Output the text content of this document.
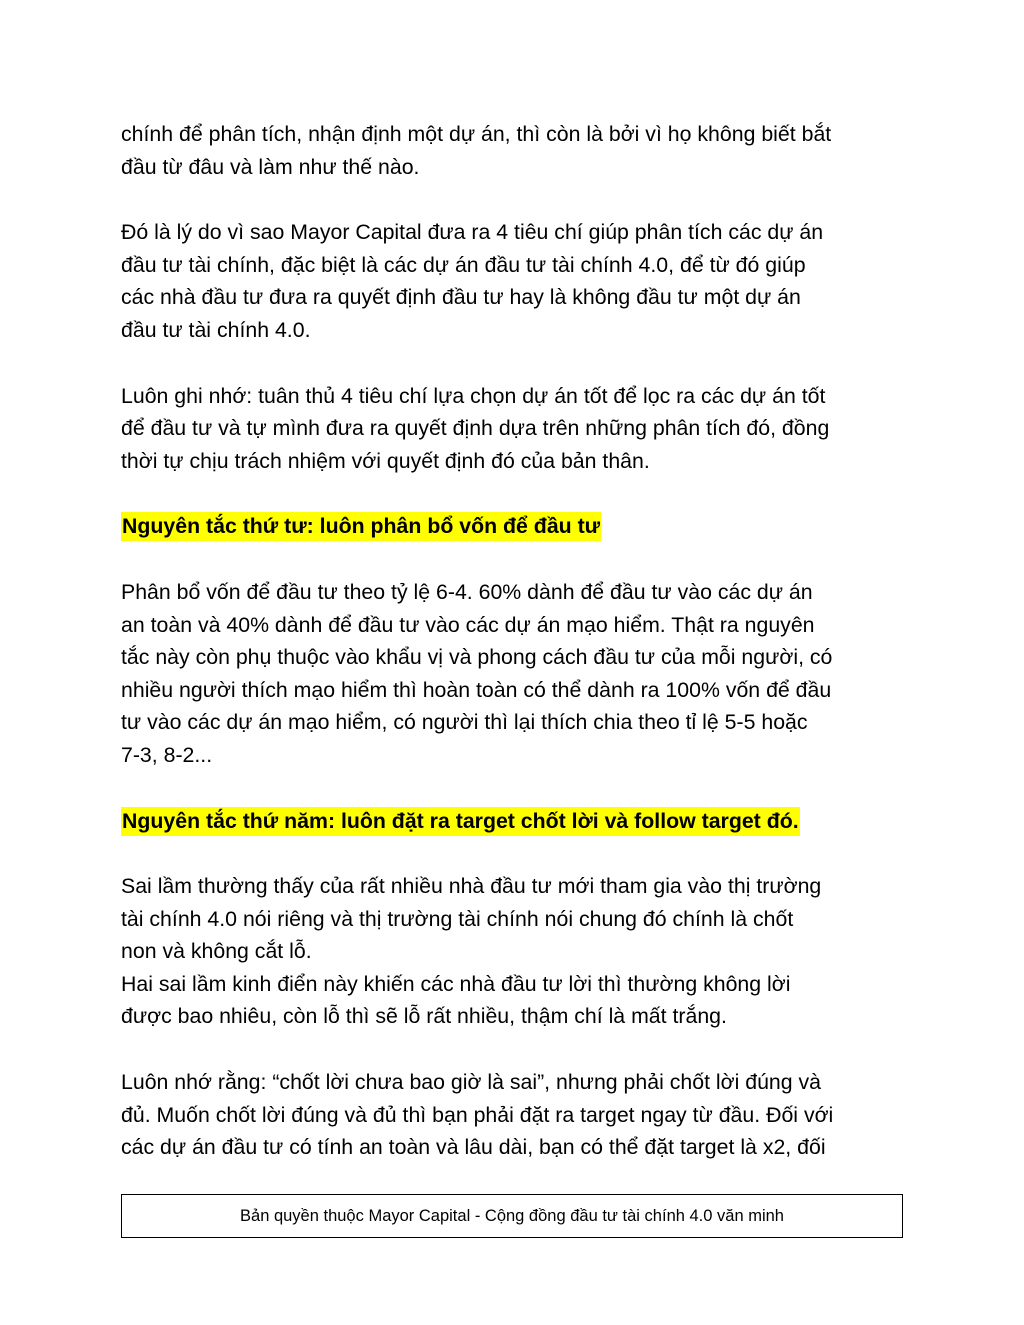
chính để phân tích, nhận định một dự án, thì còn là bởi vì họ không biết bắt
đầu từ đâu và làm như thế nào.

Đó là lý do vì sao Mayor Capital đưa ra 4 tiêu chí giúp phân tích các dự án
đầu tư tài chính, đặc biệt là các dự án đầu tư tài chính 4.0, để từ đó giúp
các nhà đầu tư đưa ra quyết định đầu tư hay là không đầu tư một dự án
đầu tư tài chính 4.0.

Luôn ghi nhớ: tuân thủ 4 tiêu chí lựa chọn dự án tốt để lọc ra các dự án tốt
để đầu tư và tự mình đưa ra quyết định dựa trên những phân tích đó, đồng
thời tự chịu trách nhiệm với quyết định đó của bản thân.

Nguyên tắc thứ tư: luôn phân bổ vốn để đầu tư

Phân bổ vốn để đầu tư theo tỷ lệ 6-4. 60% dành để đầu tư vào các dự án
an toàn và 40% dành để đầu tư vào các dự án mạo hiểm. Thật ra nguyên
tắc này còn phụ thuộc vào khẩu vị và phong cách đầu tư của mỗi người, có
nhiều người thích mạo hiểm thì hoàn toàn có thể dành ra 100% vốn để đầu
tư vào các dự án mạo hiểm, có người thì lại thích chia theo tỉ lệ 5-5 hoặc
7-3, 8-2...

Nguyên tắc thứ năm: luôn đặt ra target chốt lời và follow target đó.

Sai lầm thường thấy của rất nhiều nhà đầu tư mới tham gia vào thị trường
tài chính 4.0 nói riêng và thị trường tài chính nói chung đó chính là chốt
non và không cắt lỗ.
Hai sai lầm kinh điển này khiến các nhà đầu tư lời thì thường không lời
được bao nhiêu, còn lỗ thì sẽ lỗ rất nhiều, thậm chí là mất trắng.

Luôn nhớ rằng: “chốt lời chưa bao giờ là sai”, nhưng phải chốt lời đúng và
đủ. Muốn chốt lời đúng và đủ thì bạn phải đặt ra target ngay từ đầu. Đối với
các dự án đầu tư có tính an toàn và lâu dài, bạn có thể đặt target là x2, đối

Bản quyền thuộc Mayor Capital - Cộng đồng đầu tư tài chính 4.0 văn minh
